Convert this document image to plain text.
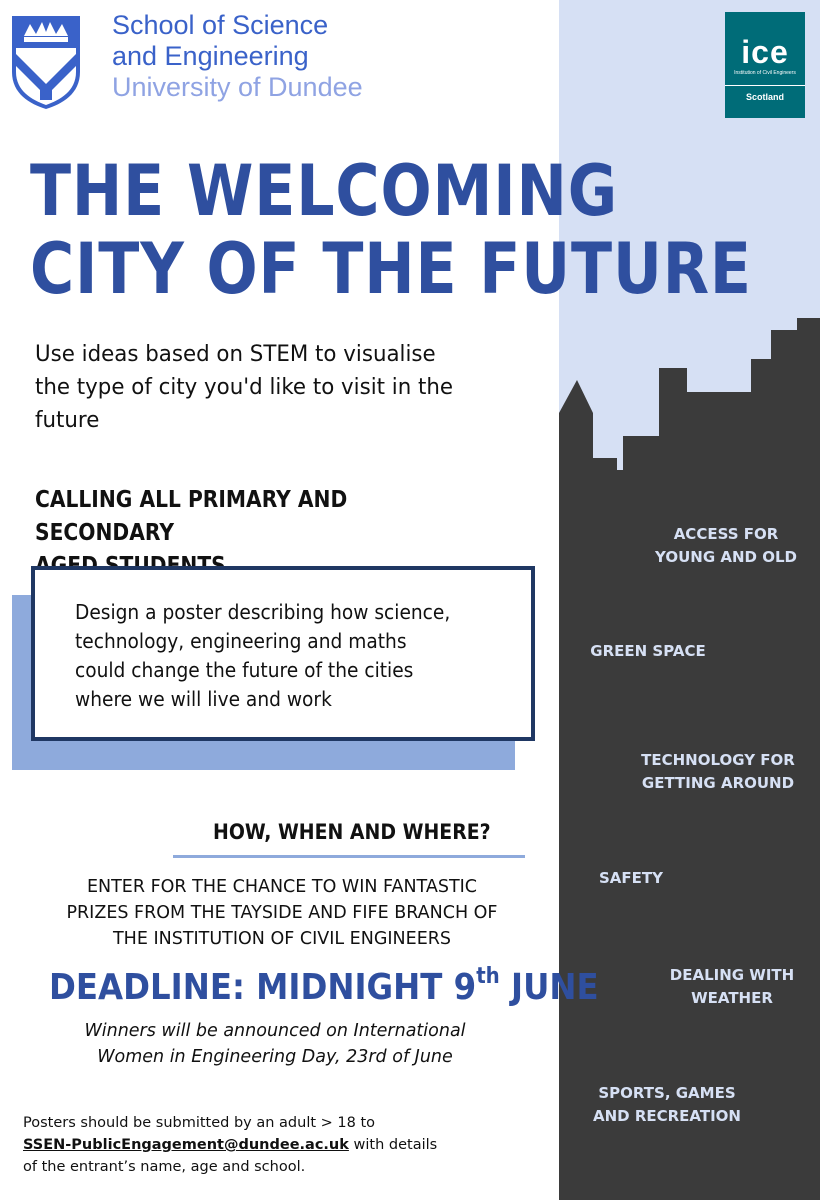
School of Science
and Engineering
University of Dundee
ice
Institution of Civil Engineers
Scotland
THE WELCOMING
CITY OF THE FUTURE
Use ideas based on STEM to visualise
the type of city you'd like to visit in the
future
CALLING ALL PRIMARY AND SECONDARY
Design a poster describing how science,
technology, engineering and maths
could change the future of the cities
where we will live and work
HOW, WHEN AND WHERE?
ENTER FOR THE CHANCE TO WIN FANTASTIC
PRIZES FROM THE TAYSIDE AND FIFE BRANCH OF
THE INSTITUTION OF CIVIL ENGINEERS
DEADLINE: MIDNIGHT 9th JUNE
Winners will be announced on International
Women in Engineering Day, 23rd of June
Posters should be submitted by an adult > 18 to
SSEN-PublicEngagement@dundee.ac.uk with details
of the entrant’s name, age and school.
ACCESS FOR
YOUNG AND OLD
GREEN SPACE
TECHNOLOGY FOR
GETTING AROUND
SAFETY
DEALING WITH
WEATHER
SPORTS, GAMES
AND RECREATION
